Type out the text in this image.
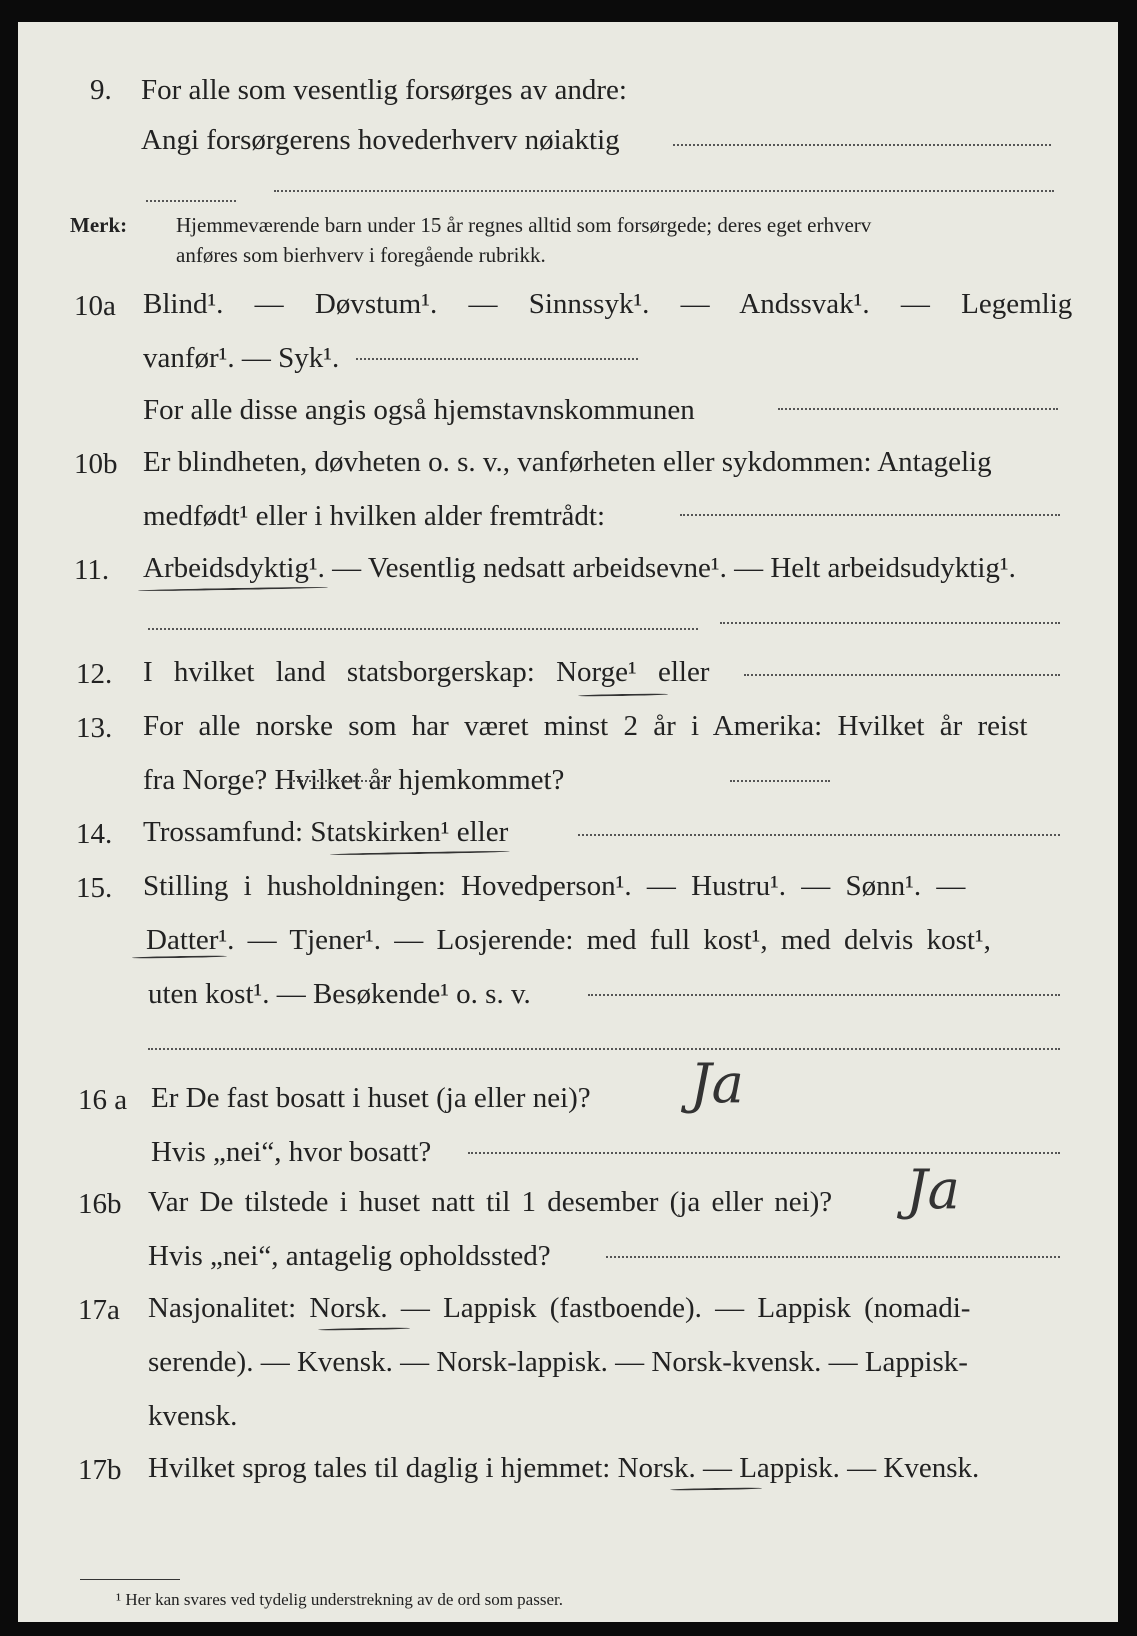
9. For alle som vesentlig forsørges av andre:
Angi forsørgerens hovederhverv nøiaktig
Merk: Hjemmeværende barn under 15 år regnes alltid som forsørgede; deres eget erhverv
anføres som bierhverv i foregående rubrikk.
10a Blind¹. — Døvstum¹. — Sinnssyk¹. — Andssvak¹. — Legemlig
vanfør¹. — Syk¹.
For alle disse angis også hjemstavnskommunen
10b Er blindheten, døvheten o. s. v., vanførheten eller sykdommen: Antagelig
medfødt¹ eller i hvilken alder fremtrådt:
11. Arbeidsdyktig¹. — Vesentlig nedsatt arbeidsevne¹. — Helt arbeidsudyktig¹.
12. I hvilket land statsborgerskap: Norge¹ eller
13. For alle norske som har været minst 2 år i Amerika: Hvilket år reist
fra Norge? Hvilket år hjemkommet?
14. Trossamfund: Statskirken¹ eller
15. Stilling i husholdningen: Hovedperson¹. — Hustru¹. — Sønn¹. —
Datter¹. — Tjener¹. — Losjerende: med full kost¹, med delvis kost¹,
uten kost¹. — Besøkende¹ o. s. v.
16 a Er De fast bosatt i huset (ja eller nei)? Ja
Hvis „nei“, hvor bosatt?
16b Var De tilstede i huset natt til 1 desember (ja eller nei)? Ja
Hvis „nei“, antagelig opholdssted?
17a Nasjonalitet: Norsk. — Lappisk (fastboende). — Lappisk (nomadi-
serende). — Kvensk. — Norsk-lappisk. — Norsk-kvensk. — Lappisk-
kvensk.
17b Hvilket sprog tales til daglig i hjemmet: Norsk. — Lappisk. — Kvensk.
¹ Her kan svares ved tydelig understrekning av de ord som passer.
